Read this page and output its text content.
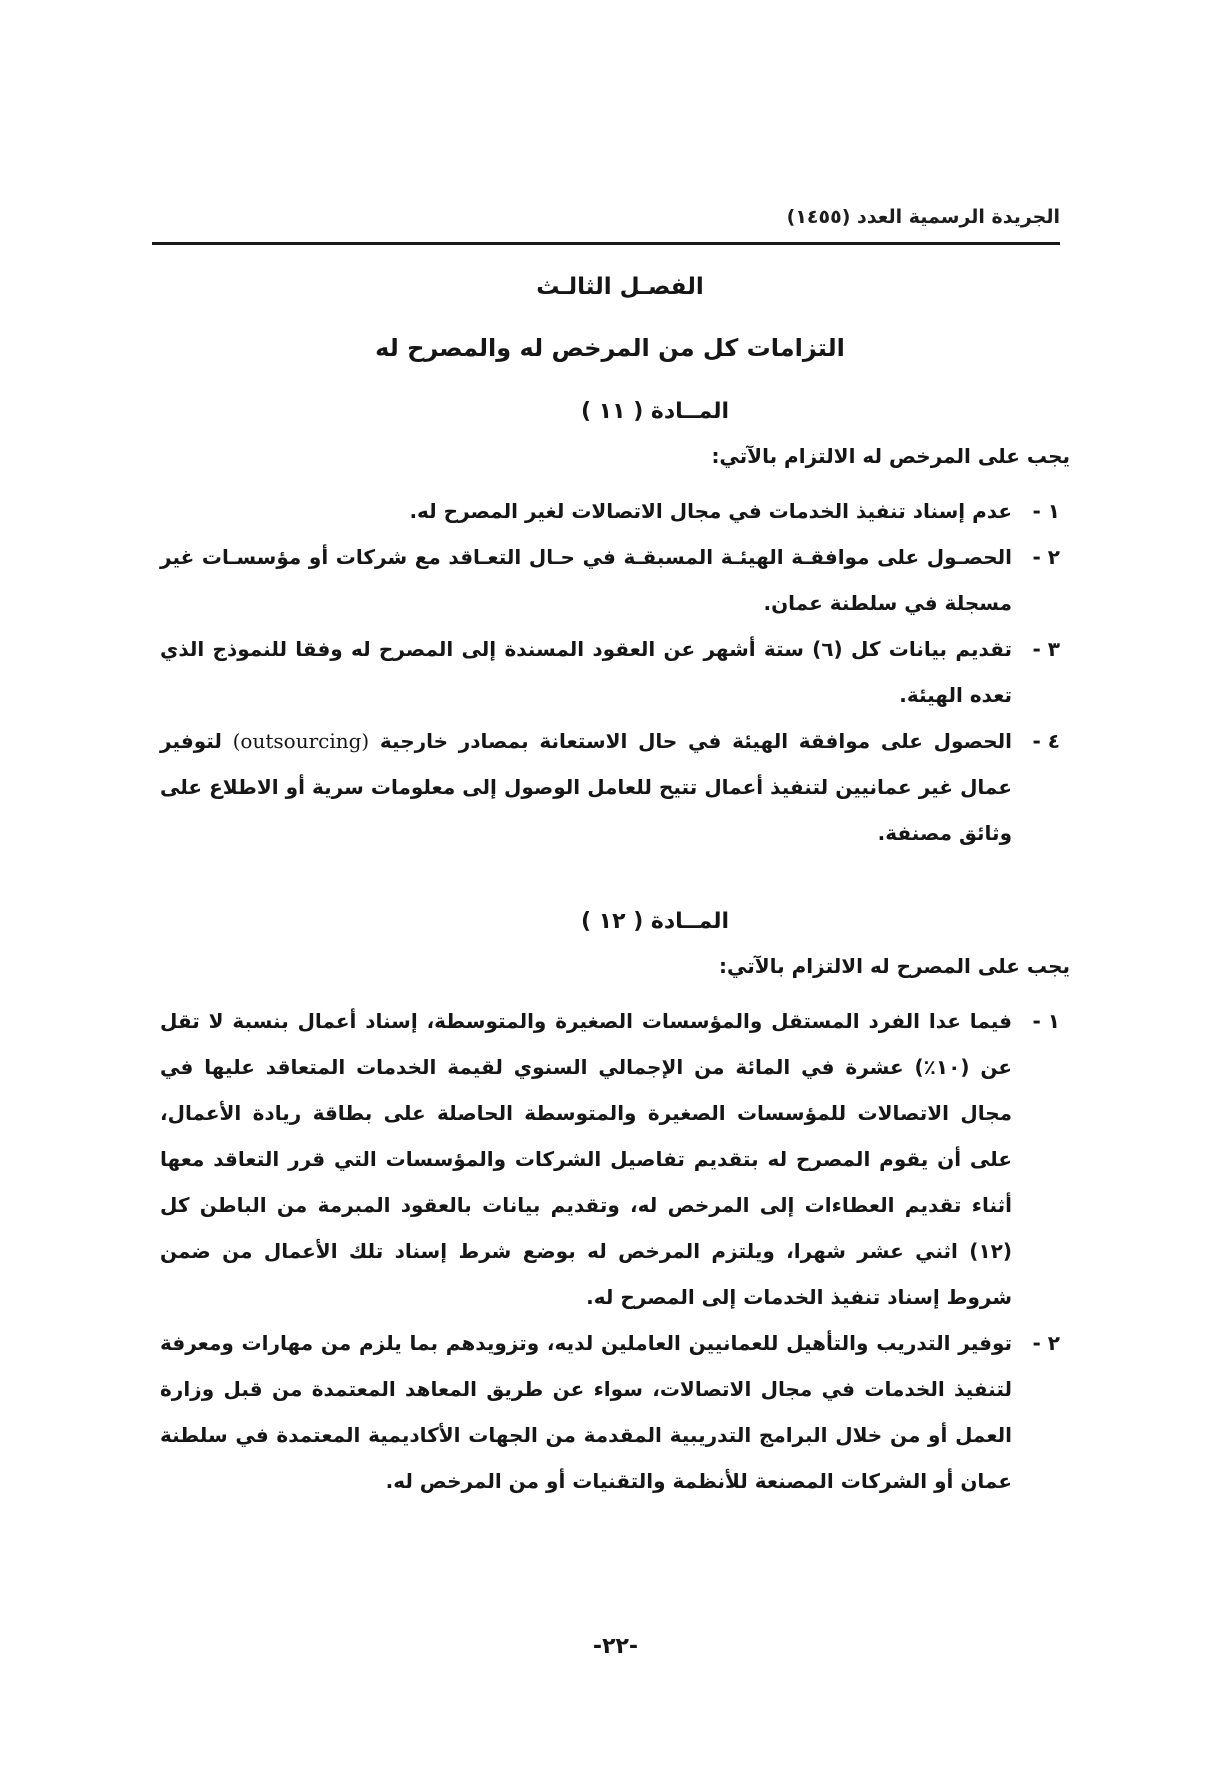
الجريدة الرسمية العدد (١٤٥٥)
الفصـل الثالـث
التزامات كل من المرخص له والمصرح له
المــادة ( ١١ )

يجب على المرخص له الالتزام بالآتي:

١ -
عدم إسناد تنفيذ الخدمات في مجال الاتصالات لغير المصرح له.
٢ -
الحصـول على موافقـة الهيئـة المسبقـة في حـال التعـاقد مع شركات أو مؤسسـات غير مسجلة في سلطنة عمان.
٣ -
تقديم بيانات كل (٦) ستة أشهر عن العقود المسندة إلى المصرح له وفقا للنموذج الذي تعده الهيئة.
٤ -
الحصول على موافقة الهيئة في حال الاستعانة بمصادر خارجية (outsourcing) لتوفير عمال غير عمانيين لتنفيذ أعمال تتيح للعامل الوصول إلى معلومات سرية أو الاطلاع على وثائق مصنفة.
المــادة ( ١٢ )

يجب على المصرح له الالتزام بالآتي:

١ -
فيما عدا الفرد المستقل والمؤسسات الصغيرة والمتوسطة، إسناد أعمال بنسبة لا تقل عن (١٠٪) عشرة في المائة من الإجمالي السنوي لقيمة الخدمات المتعاقد عليها في مجال الاتصالات للمؤسسات الصغيرة والمتوسطة الحاصلة على بطاقة ريادة الأعمال، على أن يقوم المصرح له بتقديم تفاصيل الشركات والمؤسسات التي قرر التعاقد معها أثناء تقديم العطاءات إلى المرخص له، وتقديم بيانات بالعقود المبرمة من الباطن كل (١٢) اثني عشر شهرا، ويلتزم المرخص له بوضع شرط إسناد تلك الأعمال من ضمن شروط إسناد تنفيذ الخدمات إلى المصرح له.
٢ -
توفير التدريب والتأهيل للعمانيين العاملين لديه، وتزويدهم بما يلزم من مهارات ومعرفة لتنفيذ الخدمات في مجال الاتصالات، سواء عن طريق المعاهد المعتمدة من قبل وزارة العمل أو من خلال البرامج التدريبية المقدمة من الجهات الأكاديمية المعتمدة في سلطنة عمان أو الشركات المصنعة للأنظمة والتقنيات أو من المرخص له.
-٢٢-
